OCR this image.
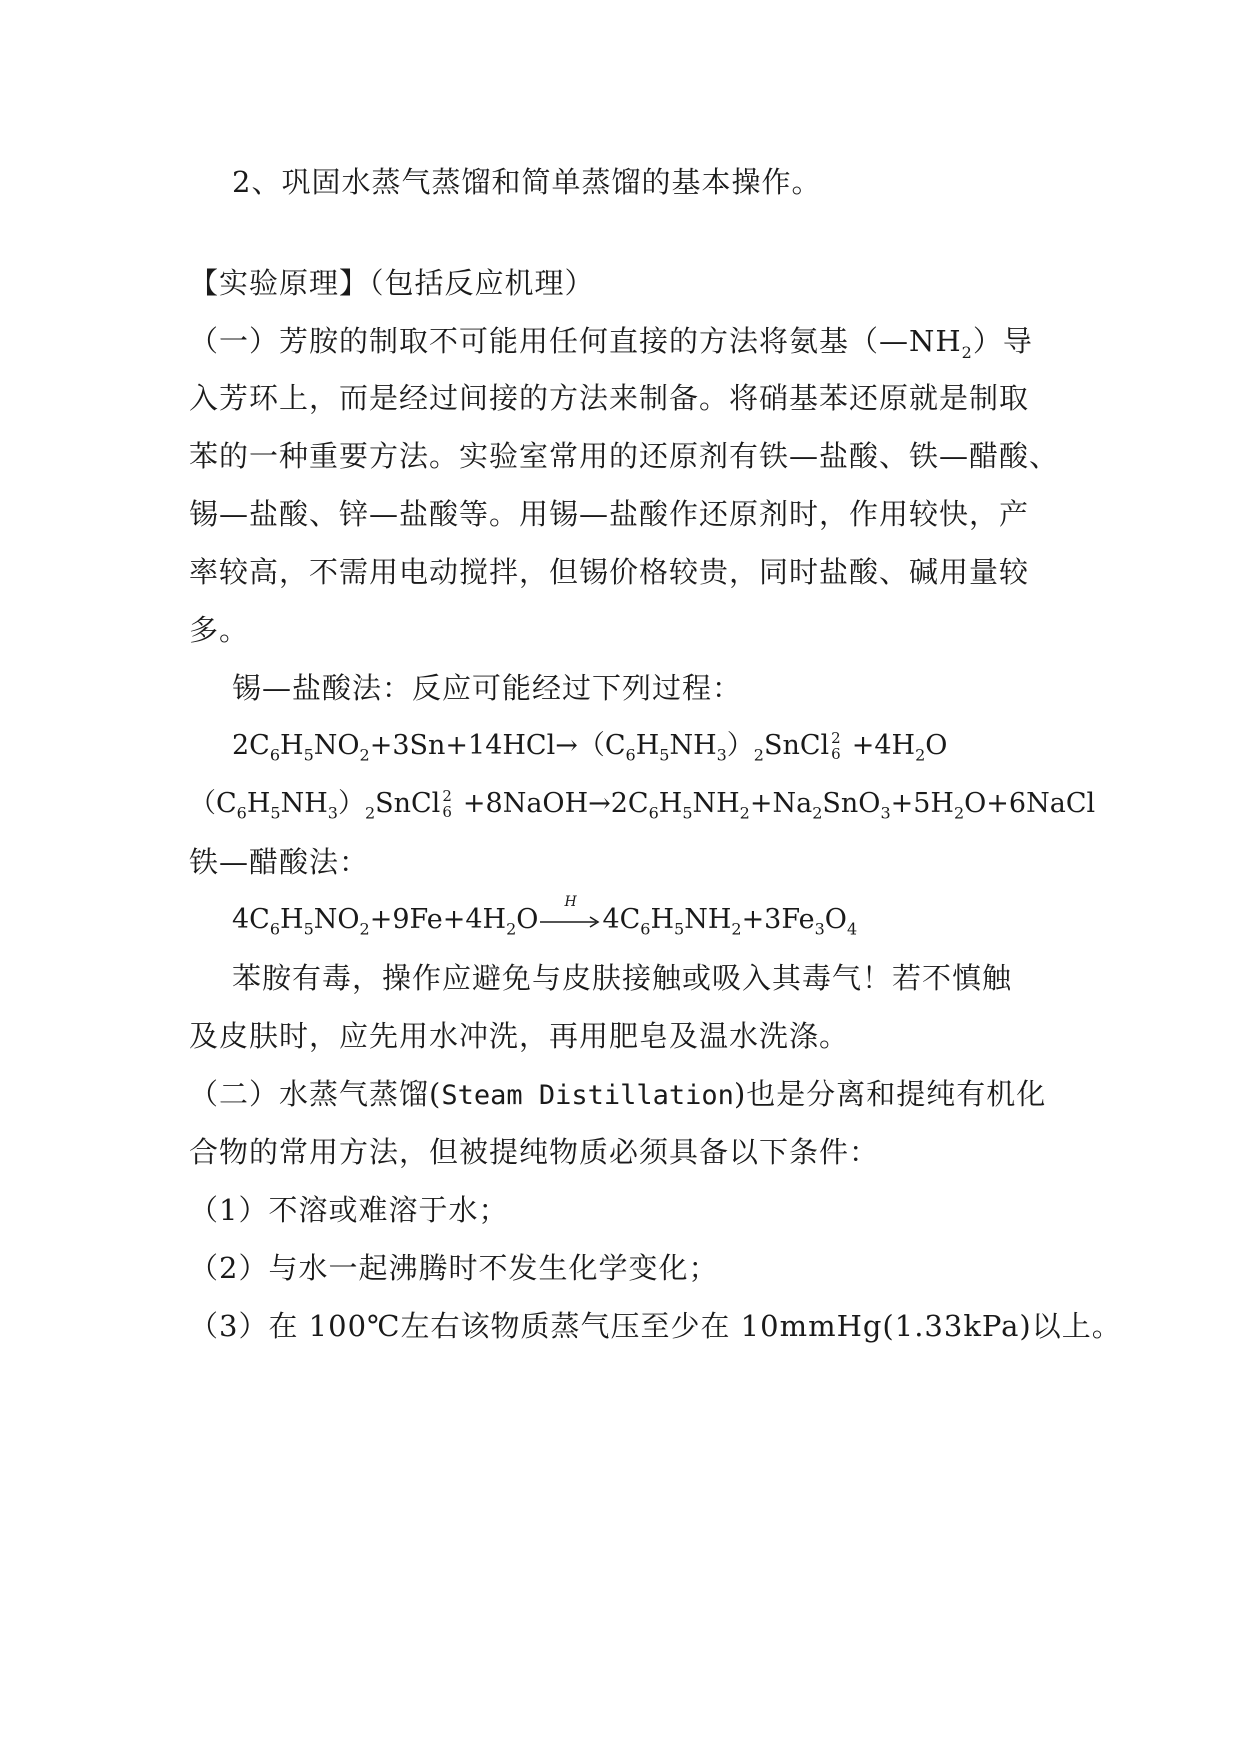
2、巩固水蒸气蒸馏和简单蒸馏的基本操作。
【实验原理】（包括反应机理）
（一）芳胺的制取不可能用任何直接的方法将氨基$(—NH_2)$导
入芳环上，而是经过间接的方法来制备。将硝基苯还原就是制取
苯的一种重要方法。实验室常用的还原剂有铁—盐酸、铁—醋酸、
锡—盐酸、锌—盐酸等。用锡—盐酸作还原剂时，作用较快，产
率较高，不需用电动搅拌，但锡价格较贵，同时盐酸、碱用量较
多。
锡—盐酸法：反应可能经过下列过程：
$2C_6H_5NO_2+3Sn+14HCl\to(C_6H_5NH_3)_2SnCl$ 2
$6 +4H_2O$
$(C_6H_5NH_3)_2SnCl$ 2
$6 +8NaOH\to 2C_6H_5NH_2+Na_2SnO_3+5H_2O+6NaCl$
铁—醋酸法：
$4C_6H_5NO_2+9Fe+4H_2O$
H
$4C_6H_5NH_2+3Fe_3O_4$
苯胺有毒，操作应避免与皮肤接触或吸入其毒气！若不慎触
及皮肤时，应先用水冲洗，再用肥皂及温水洗涤。
（二）水蒸气蒸馏(Steam Distillation)也是分离和提纯有机化
合物的常用方法，但被提纯物质必须具备以下条件：
（1）不溶或难溶于水；
（2）与水一起沸腾时不发生化学变化；
（3）在 100℃左右该物质蒸气压至少在 10mmHg(1.33kPa)以上。
